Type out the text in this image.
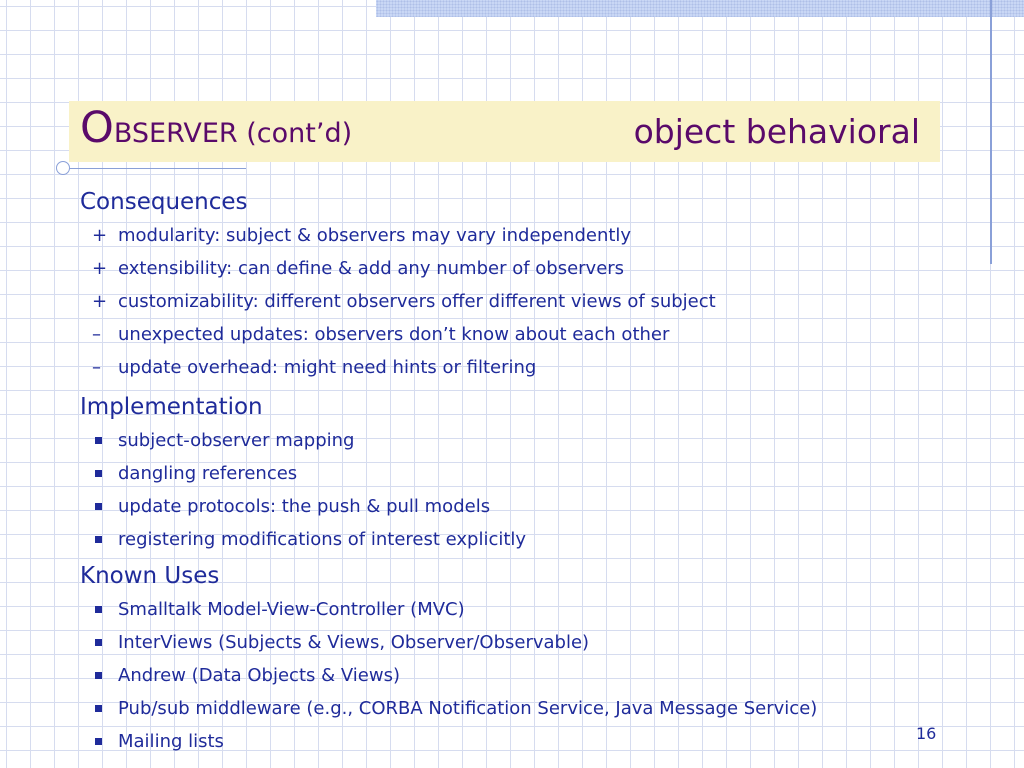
O BSERVER (cont’d)	object behavioral

Consequences

+ modularity: subject & observers may vary independently
+ extensibility: can define & add any number of observers
+ customizability: different observers offer different views of subject
– unexpected updates: observers don’t know about each other
– update overhead: might need hints or filtering

Implementation

subject-observer mapping
dangling references
update protocols: the push & pull models
registering modifications of interest explicitly

Known Uses

Smalltalk Model-View-Controller (MVC)
InterViews (Subjects & Views, Observer/Observable)
Andrew (Data Objects & Views)
Pub/sub middleware (e.g., CORBA Notification Service, Java Message Service)
Mailing lists	16
